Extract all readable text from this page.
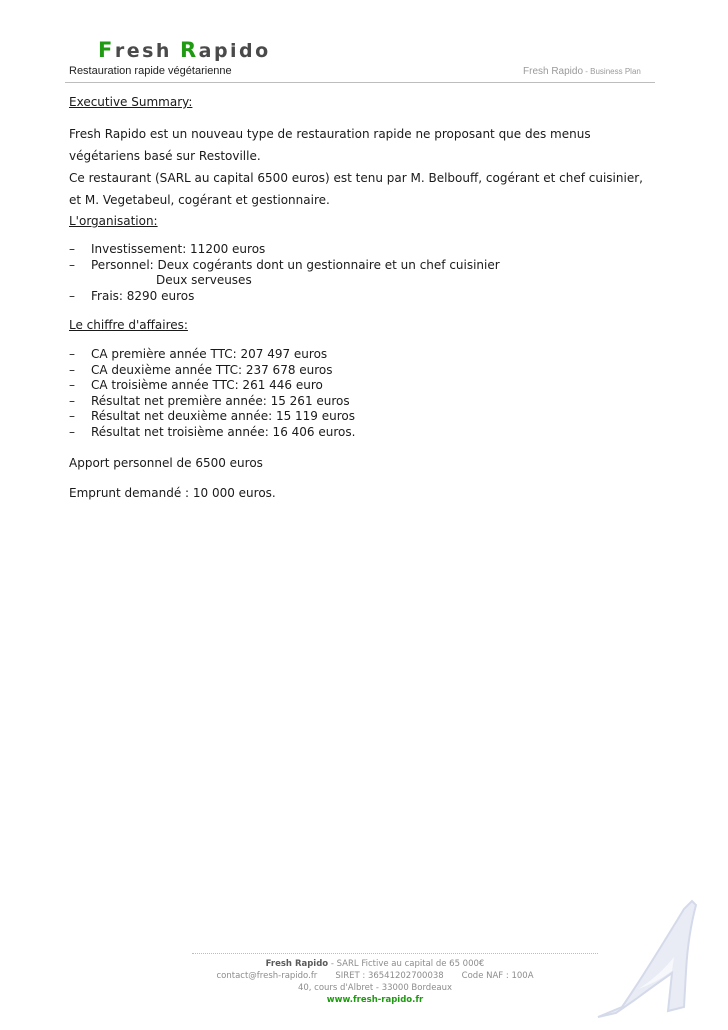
Fresh Rapido
Restauration rapide végétarienne	Fresh Rapido - Business Plan

Executive Summary:

Fresh Rapido est un nouveau type de restauration rapide ne proposant que des menus

végétariens basé sur Restoville.

Ce restaurant (SARL au capital 6500 euros) est tenu par M. Belbouff, cogérant et chef cuisinier,

et M. Vegetabeul, cogérant et gestionnaire.

L'organisation:

– Investissement: 11200 euros
– Personnel: Deux cogérants dont un gestionnaire et un chef cuisinier
Deux serveuses
– Frais: 8290 euros

Le chiffre d'affaires:

– CA première année TTC: 207 497 euros
– CA deuxième année TTC: 237 678 euros
– CA troisième année TTC: 261 446 euro
– Résultat net première année: 15 261 euros
– Résultat net deuxième année: 15 119 euros
– Résultat net troisième année: 16 406 euros.

Apport personnel de 6500 euros

Emprunt demandé : 10 000 euros.

Fresh Rapido - SARL Fictive au capital de 65 000€
contact@fresh-rapido.fr SIRET : 36541202700038 Code NAF : 100A
40, cours d'Albret - 33000 Bordeaux
www.fresh-rapido.fr
